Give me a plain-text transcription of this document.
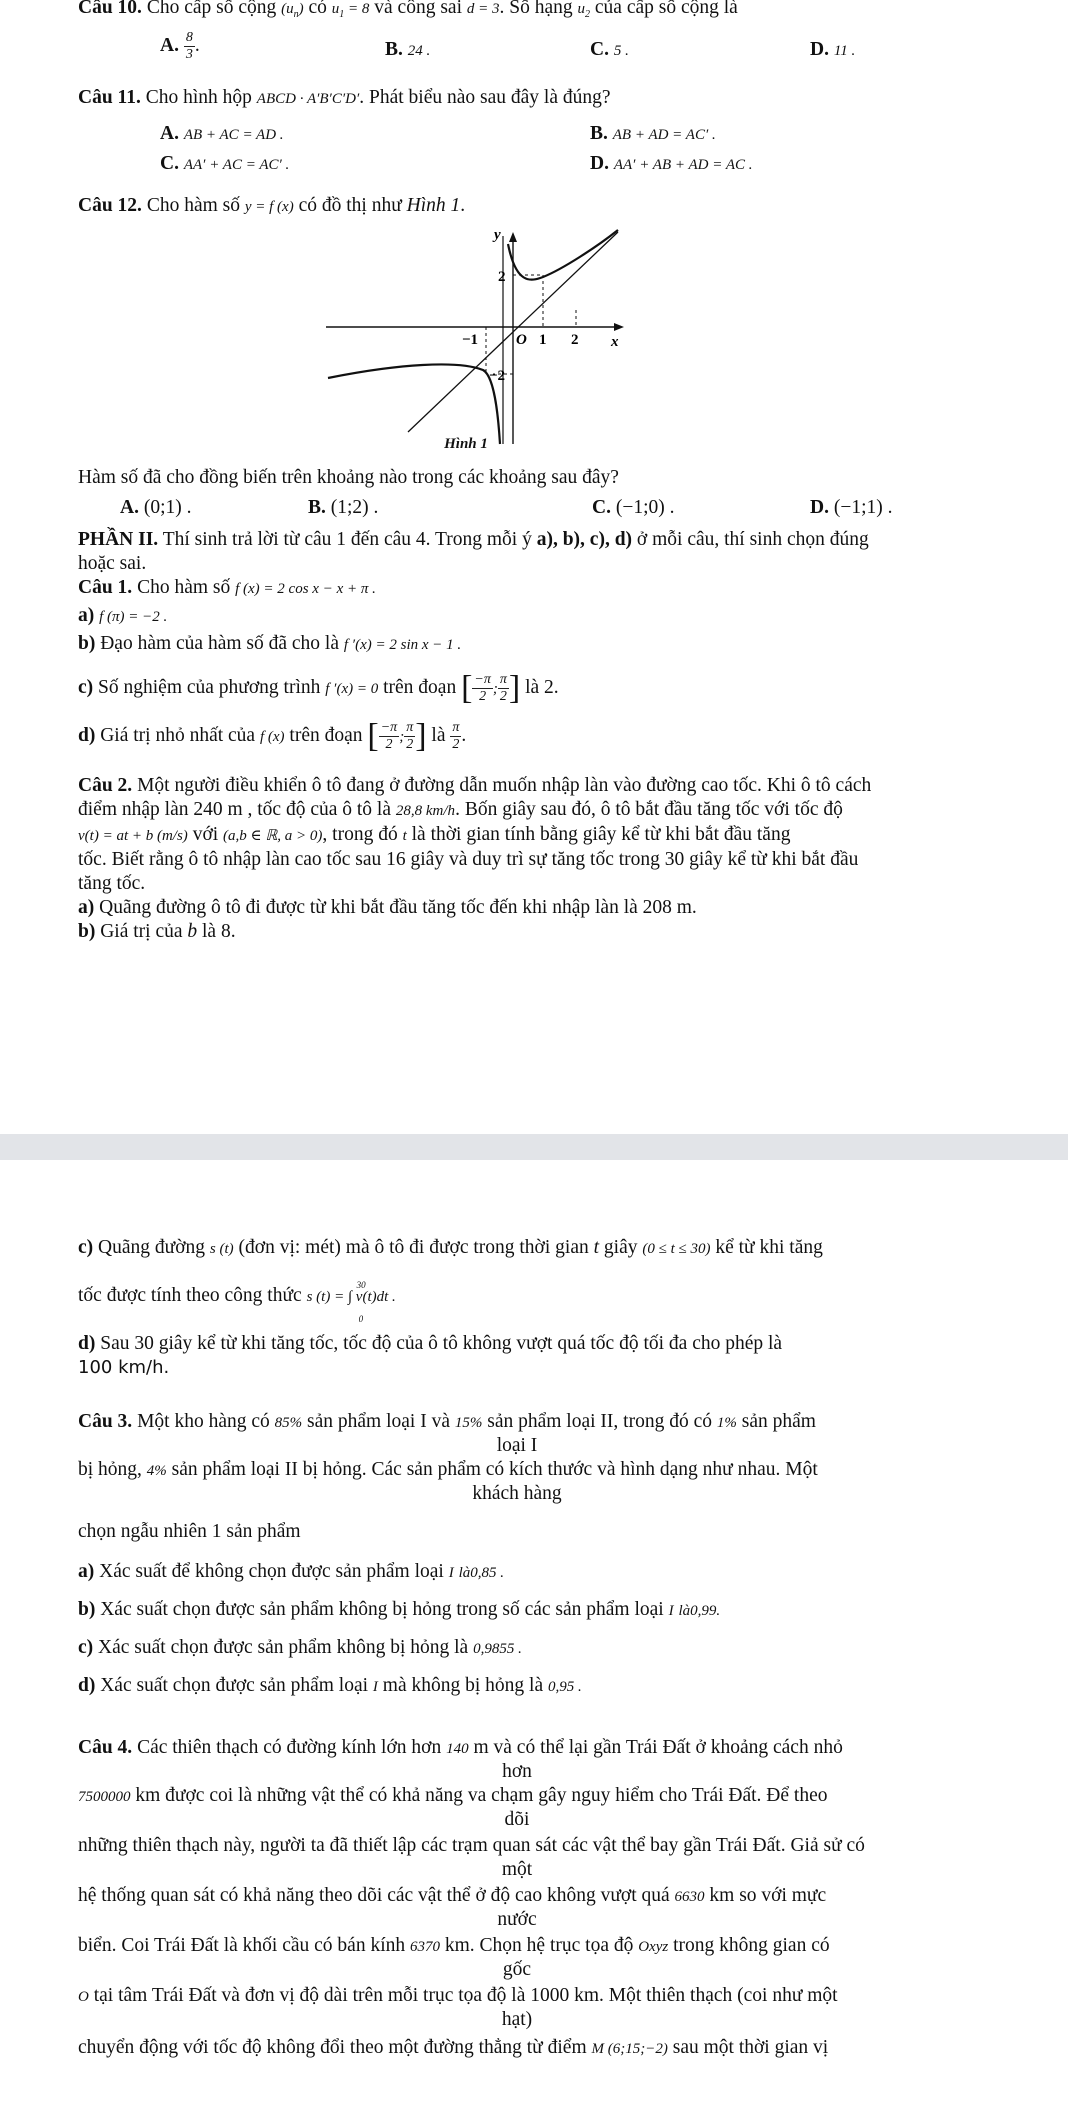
Câu 10. Cho cấp số cộng $(u_n)$ có $u_1 = 8$ và công sai d = 3. Số hạng $u_2$ của cấp số cộng là
A. $\frac{8}{3}$ .	B. 24 .	C. 5 .	D. 11 .
Câu 11. Cho hình hộp ABCD · A′B′C′D′. Phát biểu nào sau đây là đúng?
A. AB + AC = AD .	B. AB + AD = AC′ .
C. AA′ + AC = AC′ .	D. AA′ + AB + AD = AC .
Câu 12. Cho hàm số y = f (x) có đồ thị như Hình 1.
y
x
2
−2
−1	O 1 2
Hình 1
Hàm số đã cho đồng biến trên khoảng nào trong các khoảng sau đây?
A. (0;1) .	B. (1;2) .	C. (−1;0) .	D. (−1;1) .
PHẦN II. Thí sinh trả lời từ câu 1 đến câu 4. Trong mỗi ý a), b), c), d) ở mỗi câu, thí sinh chọn đúng
hoặc sai.
Câu 1. Cho hàm số f (x) = 2 cos x − x + π .
a) f (π) = −2 .
b) Đạo hàm của hàm số đã cho là f ′(x) = 2 sin x − 1 .
c) Số nghiệm của phương trình f ′(x) = 0 trên đoạn [ $\frac{-\pi}{2}$ ; $\frac{\pi}{2}$ ] là 2.
d) Giá trị nhỏ nhất của f (x) trên đoạn [ $\frac{-\pi}{2}$ ; $\frac{\pi}{2}$ ] là $\frac{\pi}{2}$ .
Câu 2. Một người điều khiển ô tô đang ở đường dẫn muốn nhập làn vào đường cao tốc. Khi ô tô cách
điểm nhập làn 240 m , tốc độ của ô tô là 28,8 km/h. Bốn giây sau đó, ô tô bắt đầu tăng tốc với tốc độ
v(t) = at + b (m/s) với (a,b ∈ ℝ, a > 0), trong đó t là thời gian tính bằng giây kể từ khi bắt đầu tăng
tốc. Biết rằng ô tô nhập làn cao tốc sau 16 giây và duy trì sự tăng tốc trong 30 giây kể từ khi bắt đầu
tăng tốc.
a) Quãng đường ô tô đi được từ khi bắt đầu tăng tốc đến khi nhập làn là 208 m.
b) Giá trị của b là 8.
c) Quãng đường s (t) (đơn vị: mét) mà ô tô đi được trong thời gian t giây (0 ≤ t ≤ 30) kể từ khi tăng
tốc được tính theo công thức s (t) = ∫ v(t)dt .
30
0
d) Sau 30 giây kể từ khi tăng tốc, tốc độ của ô tô không vượt quá tốc độ tối đa cho phép là
100 km/h.
Câu 3. Một kho hàng có 85% sản phẩm loại I và 15% sản phẩm loại II, trong đó có 1% sản phẩm
loại I
bị hỏng, 4% sản phẩm loại II bị hỏng. Các sản phẩm có kích thước và hình dạng như nhau. Một
khách hàng
chọn ngẫu nhiên 1 sản phẩm
a) Xác suất để không chọn được sản phẩm loại I là0,85 .
b) Xác suất chọn được sản phẩm không bị hỏng trong số các sản phẩm loại I là0,99.
c) Xác suất chọn được sản phẩm không bị hỏng là 0,9855 .
d) Xác suất chọn được sản phẩm loại I mà không bị hỏng là 0,95 .
Câu 4. Các thiên thạch có đường kính lớn hơn 140 m và có thể lại gần Trái Đất ở khoảng cách nhỏ
hơn
7500000 km được coi là những vật thể có khả năng va chạm gây nguy hiểm cho Trái Đất. Để theo
dõi
những thiên thạch này, người ta đã thiết lập các trạm quan sát các vật thể bay gần Trái Đất. Giả sử có
một
hệ thống quan sát có khả năng theo dõi các vật thể ở độ cao không vượt quá 6630 km so với mực
nước
biển. Coi Trái Đất là khối cầu có bán kính 6370 km. Chọn hệ trục tọa độ Oxyz trong không gian có
gốc
O tại tâm Trái Đất và đơn vị độ dài trên mỗi trục tọa độ là 1000 km. Một thiên thạch (coi như một
hạt)
chuyển động với tốc độ không đổi theo một đường thẳng từ điểm M (6;15;−2) sau một thời gian vị
